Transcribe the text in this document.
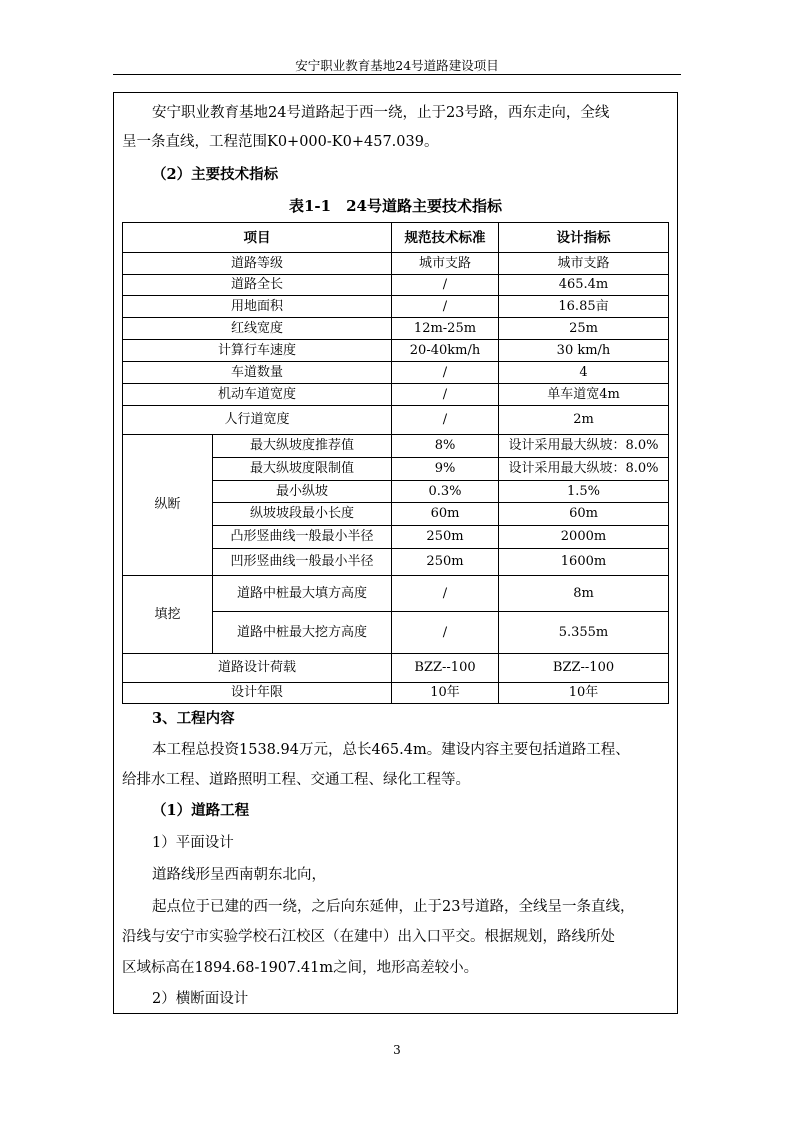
安宁职业教育基地24号道路建设项目
安宁职业教育基地24号道路起于西一绕，止于23号路，西东走向，全线
呈一条直线，工程范围K0+000-K0+457.039。
（2）主要技术指标
表1-1　24号道路主要技术指标
项目		规范技术标准	设计指标
道路等级		城市支路	城市支路
道路全长		/	465.4m
用地面积		/	16.85亩
红线宽度		12m-25m	25m
计算行车速度		20-40km/h	30 km/h
车道数量		/	4
机动车道宽度		/	单车道宽4m
人行道宽度		/	2m
纵断	最大纵坡度推荐值	8%	设计采用最大纵坡：8.0%
	最大纵坡度限制值	9%	设计采用最大纵坡：8.0%
	最小纵坡	0.3%	1.5%
	纵坡坡段最小长度	60m	60m
	凸形竖曲线一般最小半径	250m	2000m
	凹形竖曲线一般最小半径	250m	1600m
填挖	道路中桩最大填方高度	/	8m
	道路中桩最大挖方高度	/	5.355m
道路设计荷载		BZZ--100	BZZ--100
设计年限		10年	10年
3、工程内容
本工程总投资1538.94万元，总长465.4m。建设内容主要包括道路工程、
给排水工程、道路照明工程、交通工程、绿化工程等。
（1）道路工程
1）平面设计
道路线形呈西南朝东北向，
起点位于已建的西一绕，之后向东延伸，止于23号道路，全线呈一条直线，
沿线与安宁市实验学校石江校区（在建中）出入口平交。根据规划，路线所处
区域标高在1894.68-1907.41m之间，地形高差较小。
2）横断面设计
3
